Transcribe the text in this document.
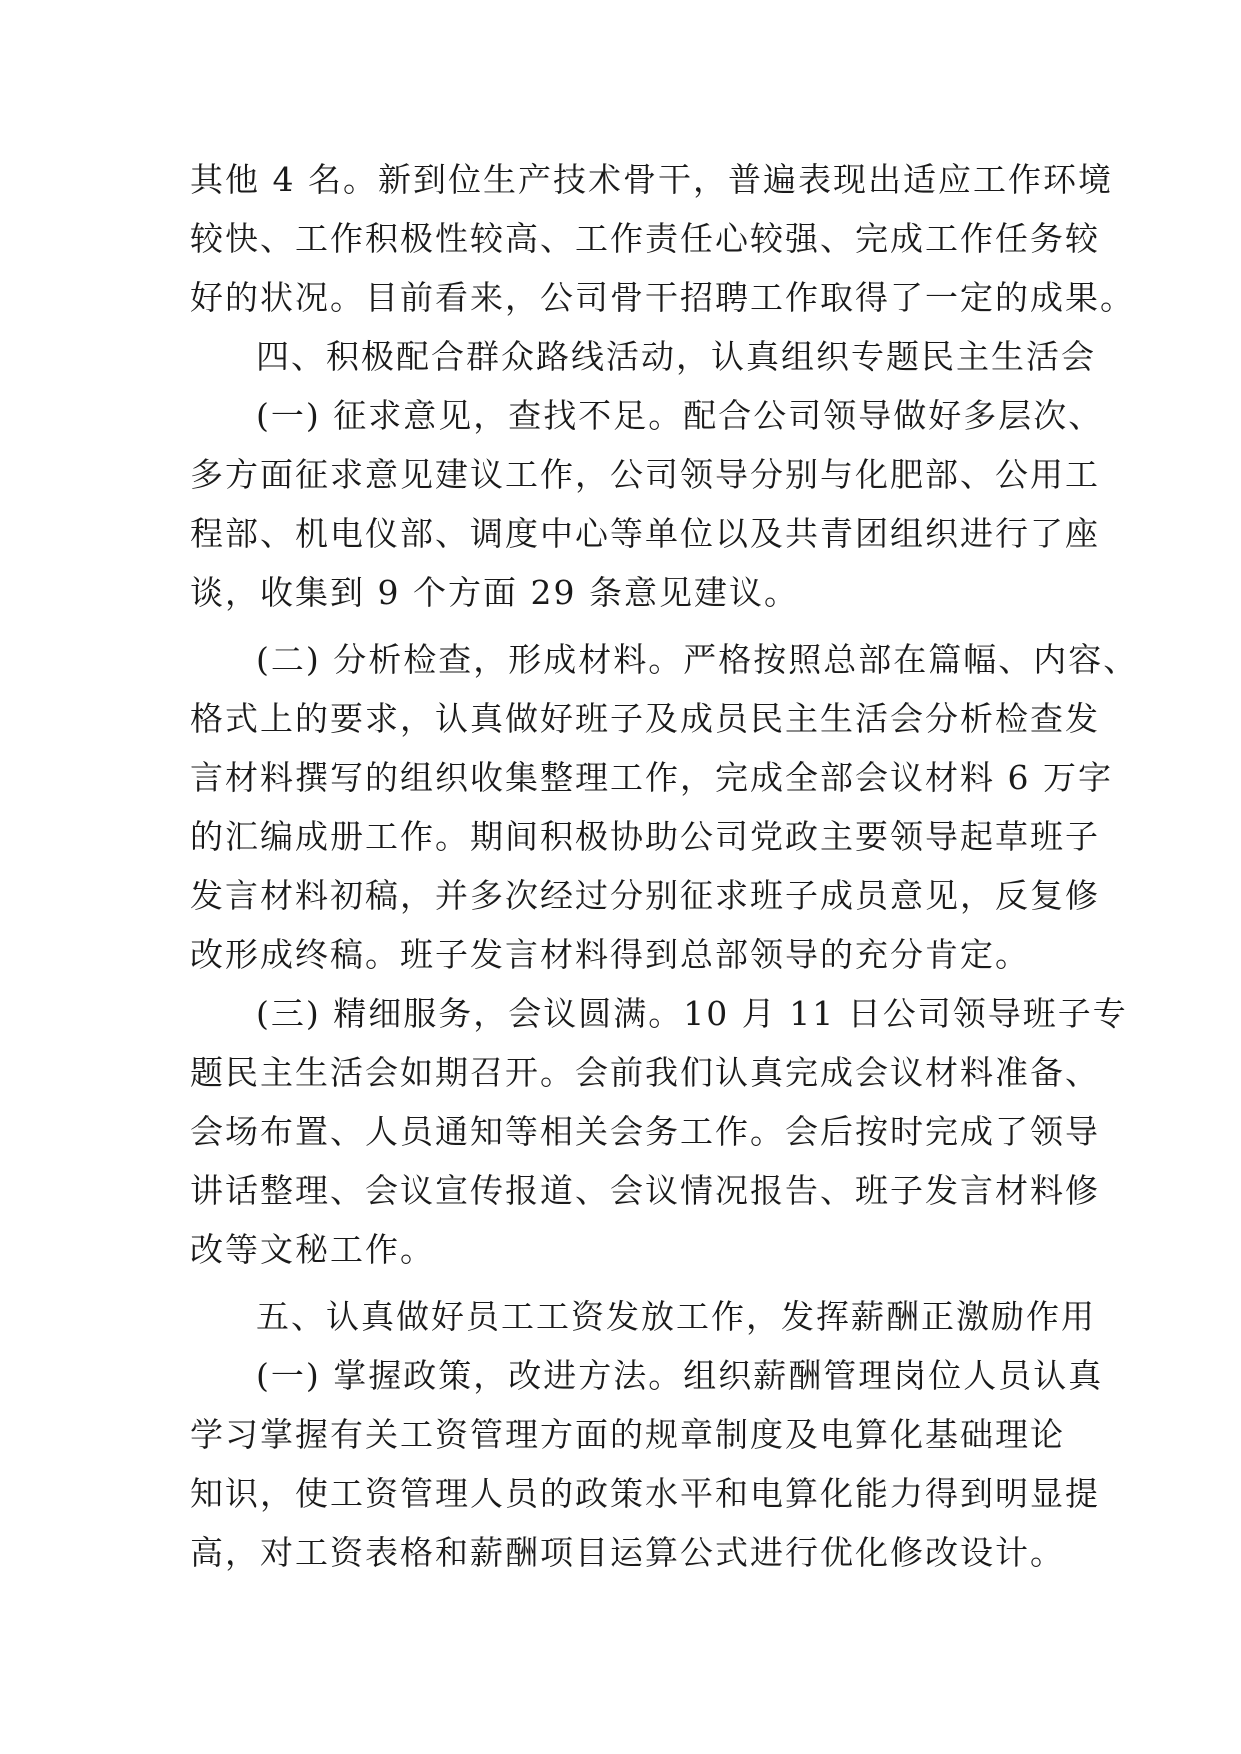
其他 4 名。新到位生产技术骨干，普遍表现出适应工作环境
较快、工作积极性较高、工作责任心较强、完成工作任务较
好的状况。目前看来，公司骨干招聘工作取得了一定的成果。
四、积极配合群众路线活动，认真组织专题民主生活会
(一) 征求意见，查找不足。配合公司领导做好多层次、
多方面征求意见建议工作，公司领导分别与化肥部、公用工
程部、机电仪部、调度中心等单位以及共青团组织进行了座
谈，收集到 9 个方面 29 条意见建议。
(二) 分析检查，形成材料。严格按照总部在篇幅、内容、
格式上的要求，认真做好班子及成员民主生活会分析检查发
言材料撰写的组织收集整理工作，完成全部会议材料 6 万字
的汇编成册工作。期间积极协助公司党政主要领导起草班子
发言材料初稿，并多次经过分别征求班子成员意见，反复修
改形成终稿。班子发言材料得到总部领导的充分肯定。
(三) 精细服务，会议圆满。10 月 11 日公司领导班子专
题民主生活会如期召开。会前我们认真完成会议材料准备、
会场布置、人员通知等相关会务工作。会后按时完成了领导
讲话整理、会议宣传报道、会议情况报告、班子发言材料修
改等文秘工作。
五、认真做好员工工资发放工作，发挥薪酬正激励作用
(一) 掌握政策，改进方法。组织薪酬管理岗位人员认真
学习掌握有关工资管理方面的规章制度及电算化基础理论
知识，使工资管理人员的政策水平和电算化能力得到明显提
高，对工资表格和薪酬项目运算公式进行优化修改设计。
